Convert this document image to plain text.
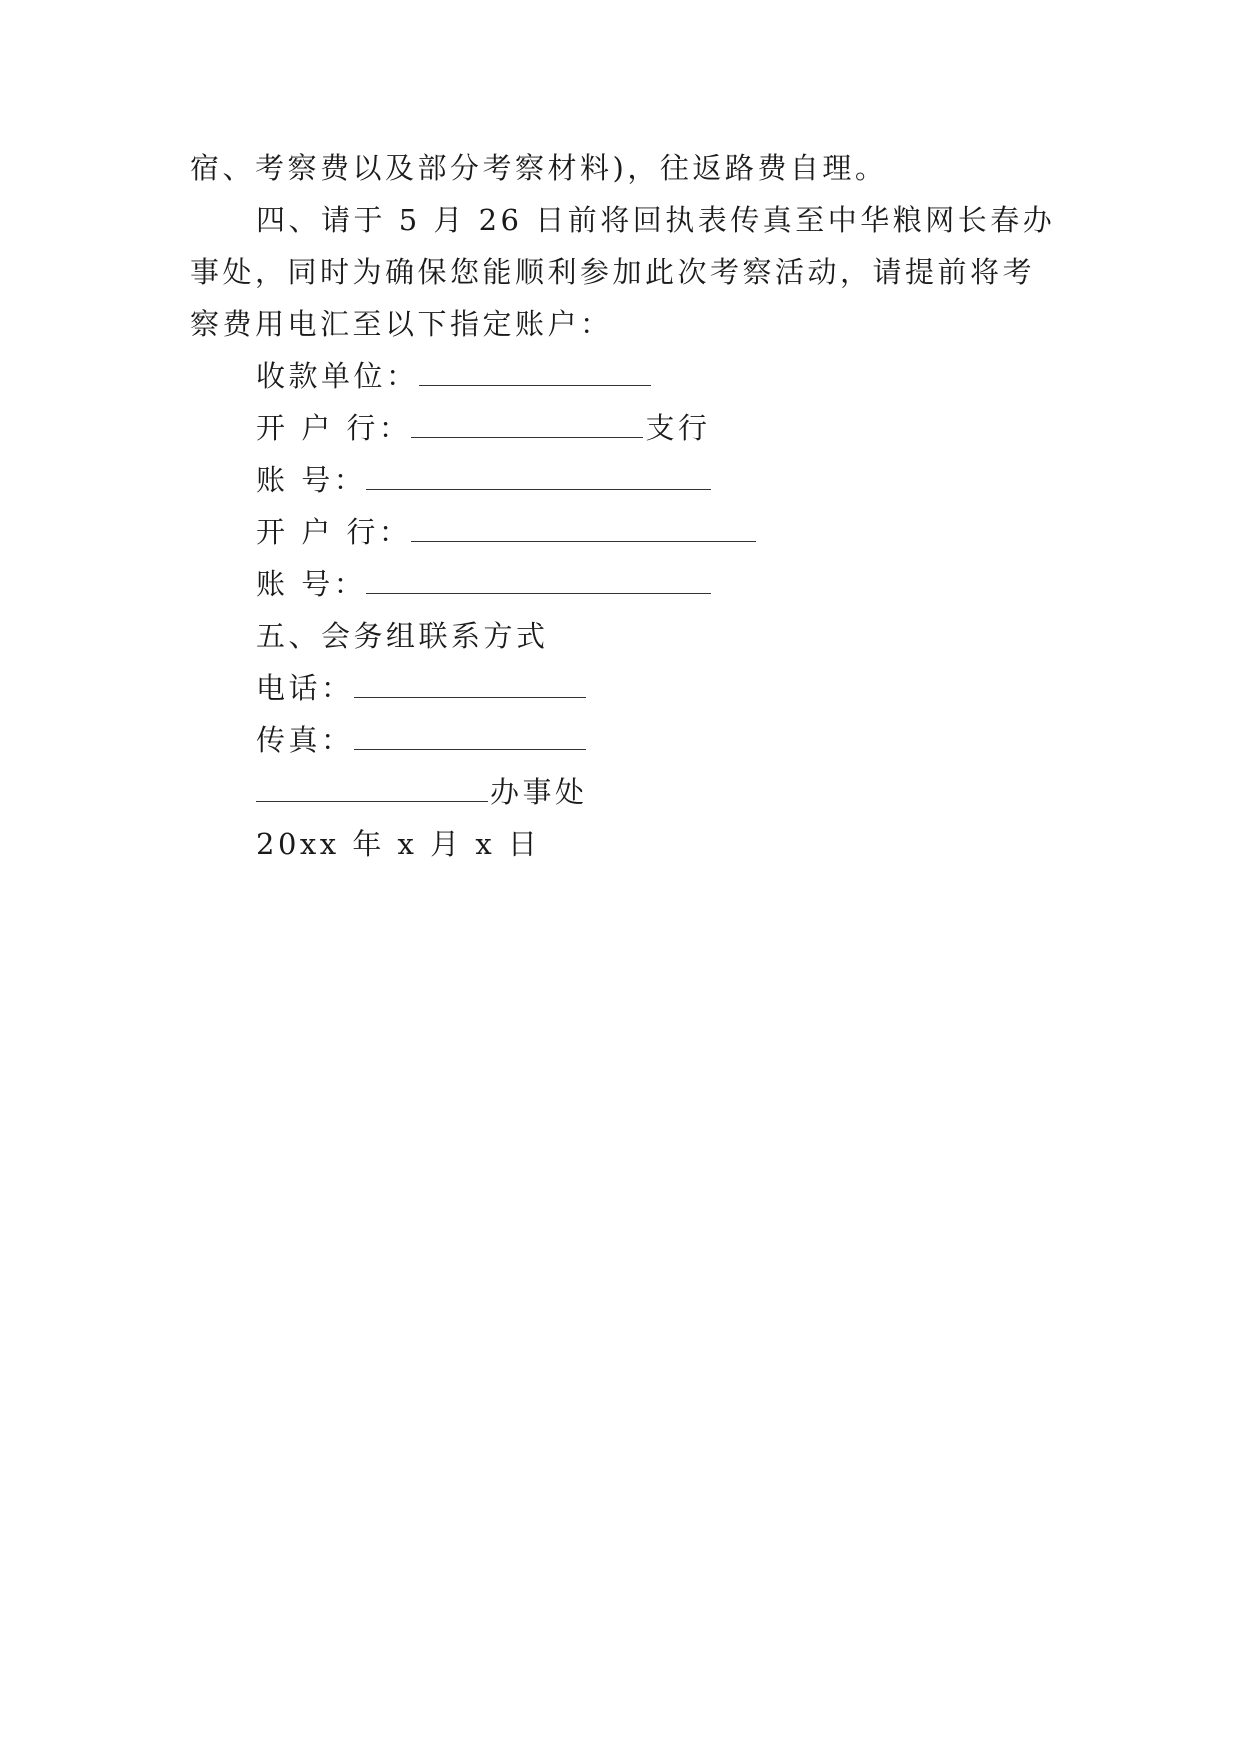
宿、考察费以及部分考察材料)，往返路费自理。
四、请于 5 月 26 日前将回执表传真至中华粮网长春办
事处，同时为确保您能顺利参加此次考察活动，请提前将考
察费用电汇至以下指定账户：
收款单位：
开 户 行：	支行
账 号：
开 户 行：
账 号：
五、会务组联系方式
电话：
传真：
办事处
20xx 年 x 月 x 日
